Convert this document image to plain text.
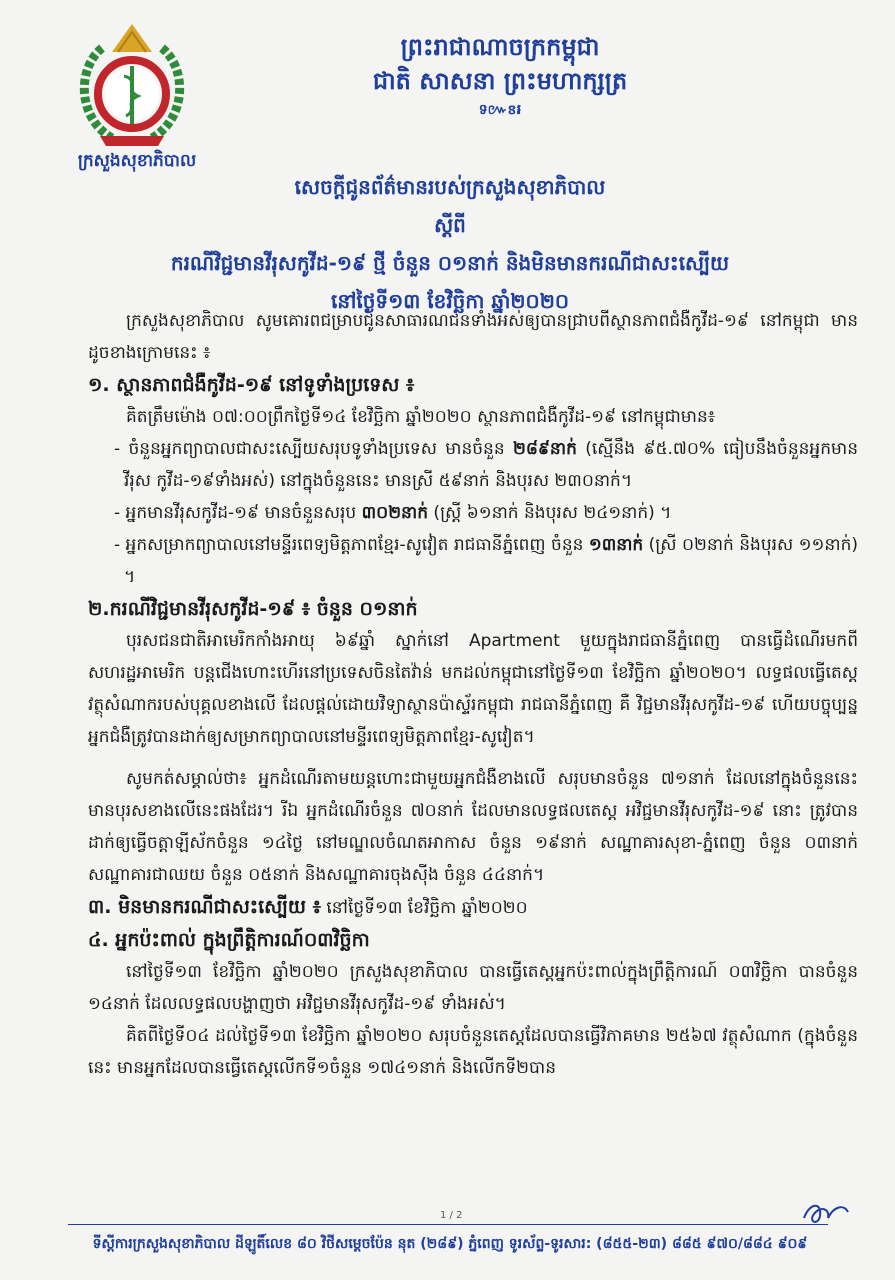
ក្រសួងសុខាភិបាល
ព្រះរាជាណាចក្រកម្ពុជា
ជាតិ សាសនា ព្រះមហាក្សត្រ
ទ៚ៜ៛
សេចក្តីជូនព័ត៌មានរបស់ក្រសួងសុខាភិបាល
ស្តីពី
ករណីវិជ្ជមានវីរុសកូវីដ-១៩ ថ្មី ចំនួន ០១នាក់ និងមិនមានករណីជាសះស្បើយ
នៅថ្ងៃទី១៣ ខែវិច្ឆិកា ឆ្នាំ២០២០

ក្រសួងសុខាភិបាល សូមគោរពជម្រាបជូនសាធារណជនទាំងអស់ឲ្យបានជ្រាបពីស្ថានភាពជំងឺកូវីដ-១៩ នៅកម្ពុជា មានដូចខាងក្រោមនេះ ៖

១. ស្ថានភាពជំងឺកូវីដ-១៩ នៅទូទាំងប្រទេស ៖

គិតត្រឹមម៉ោង ០៧:០០ព្រឹកថ្ងៃទី១៤ ខែវិច្ឆិកា ឆ្នាំ២០២០ ស្ថានភាពជំងឺកូវីដ-១៩ នៅកម្ពុជាមាន៖

- ចំនួនអ្នកព្យាបាលជាសះស្បើយសរុបទូទាំងប្រទេស មានចំនួន ២៨៩នាក់ (ស្មើនឹង ៩៥.៧០% ធៀបនឹងចំនួនអ្នកមានវីរុស កូវីដ-១៩ទាំងអស់) នៅក្នុងចំនួននេះ មានស្រី ៥៩នាក់ និងបុរស ២៣០នាក់។

- អ្នកមានវីរុសកូវីដ-១៩ មានចំនួនសរុប ៣០២នាក់ (ស្ត្រី ៦១នាក់ និងបុរស ២៤១នាក់) ។

- អ្នកសម្រាកព្យាបាលនៅមន្ទីរពេទ្យមិត្តភាពខ្មែរ-សូវៀត រាជធានីភ្នំពេញ ចំនួន ១៣នាក់ (ស្រី ០២នាក់ និងបុរស ១១នាក់) ។

២.ករណីវិជ្ជមានវីរុសកូវីដ-១៩ ៖ ចំនួន ០១នាក់

បុរសជនជាតិអាមេរិកកាំងអាយុ ៦៩ឆ្នាំ ស្នាក់នៅ Apartment មួយក្នុងរាជធានីភ្នំពេញ បានធ្វើដំណើរមកពីសហរដ្ឋអាមេរិក បន្តជើងហោះហើរនៅប្រទេសចិនតៃវ៉ាន់ មកដល់កម្ពុជានៅថ្ងៃទី១៣ ខែវិច្ឆិកា ឆ្នាំ២០២០។ លទ្ធផលធ្វើតេស្តវត្ថុសំណាករបស់បុគ្គលខាងលើ ដែលផ្តល់ដោយវិទ្យាស្ថានប៉ាស្ទ័រកម្ពុជា រាជធានីភ្នំពេញ គឺ វិជ្ជមានវីរុសកូវីដ-១៩ ហើយបច្ចុប្បន្ន អ្នកជំងឺត្រូវបានដាក់ឲ្យសម្រាកព្យាបាលនៅមន្ទីរពេទ្យមិត្តភាពខ្មែរ-សូវៀត។

សូមកត់សម្គាល់ថា៖ អ្នកដំណើរតាមយន្តហោះជាមួយអ្នកជំងឺខាងលើ សរុបមានចំនួន ៧១នាក់ ដែលនៅក្នុងចំនួននេះ មានបុរសខាងលើនេះផងដែរ។ រីឯ អ្នកដំណើរចំនួន ៧០នាក់ ដែលមានលទ្ធផលតេស្ត អវិជ្ជមានវីរុសកូវីដ-១៩ នោះ ត្រូវបានដាក់ឲ្យធ្វើចត្តាឡីស័កចំនួន ១៤ថ្ងៃ នៅមណ្ឌលចំណតអាកាស ចំនួន ១៩នាក់ សណ្ឋាគារសុខា-ភ្នំពេញ ចំនួន ០៣នាក់ សណ្ឋាគារជាឈយ ចំនួន ០៥នាក់ និងសណ្ឋាគារចុងស៊ីង ចំនួន ៤៤នាក់។

៣. មិនមានករណីជាសះស្បើយ ៖ នៅថ្ងៃទី១៣ ខែវិច្ឆិកា ឆ្នាំ២០២០

៤. អ្នកប៉ះពាល់ ក្នុងព្រឹត្តិការណ៍០៣វិច្ឆិកា

នៅថ្ងៃទី១៣ ខែវិច្ឆិកា ឆ្នាំ២០២០ ក្រសួងសុខាភិបាល បានធ្វើតេស្តអ្នកប៉ះពាល់ក្នុងព្រឹត្តិការណ៍ ០៣វិច្ឆិកា បានចំនួន ១៤នាក់ ដែលលទ្ធផលបង្ហាញថា អវិជ្ជមានវីរុសកូវីដ-១៩ ទាំងអស់។

គិតពីថ្ងៃទី០៤ ដល់ថ្ងៃទី១៣ ខែវិច្ឆិកា ឆ្នាំ២០២០ សរុបចំនួនតេស្តដែលបានធ្វើវិភាគមាន ២៥៦៧ វត្ថុសំណាក (ក្នុងចំនួននេះ មានអ្នកដែលបានធ្វើតេស្តលើកទី១ចំនួន ១៧៤១នាក់ និងលើកទី២បាន

1 / 2
ទីស្តីការក្រសួងសុខាភិបាល ដីឡូតិ៍លេខ ៨០ វិថីសម្តេចប៉ែន នុត (២៨៩) ភ្នំពេញ ទូរស័ព្ទ-ទូរសារ: (៨៥៥-២៣) ៨៨៥ ៩៧០/៨៨៤ ៩០៩
